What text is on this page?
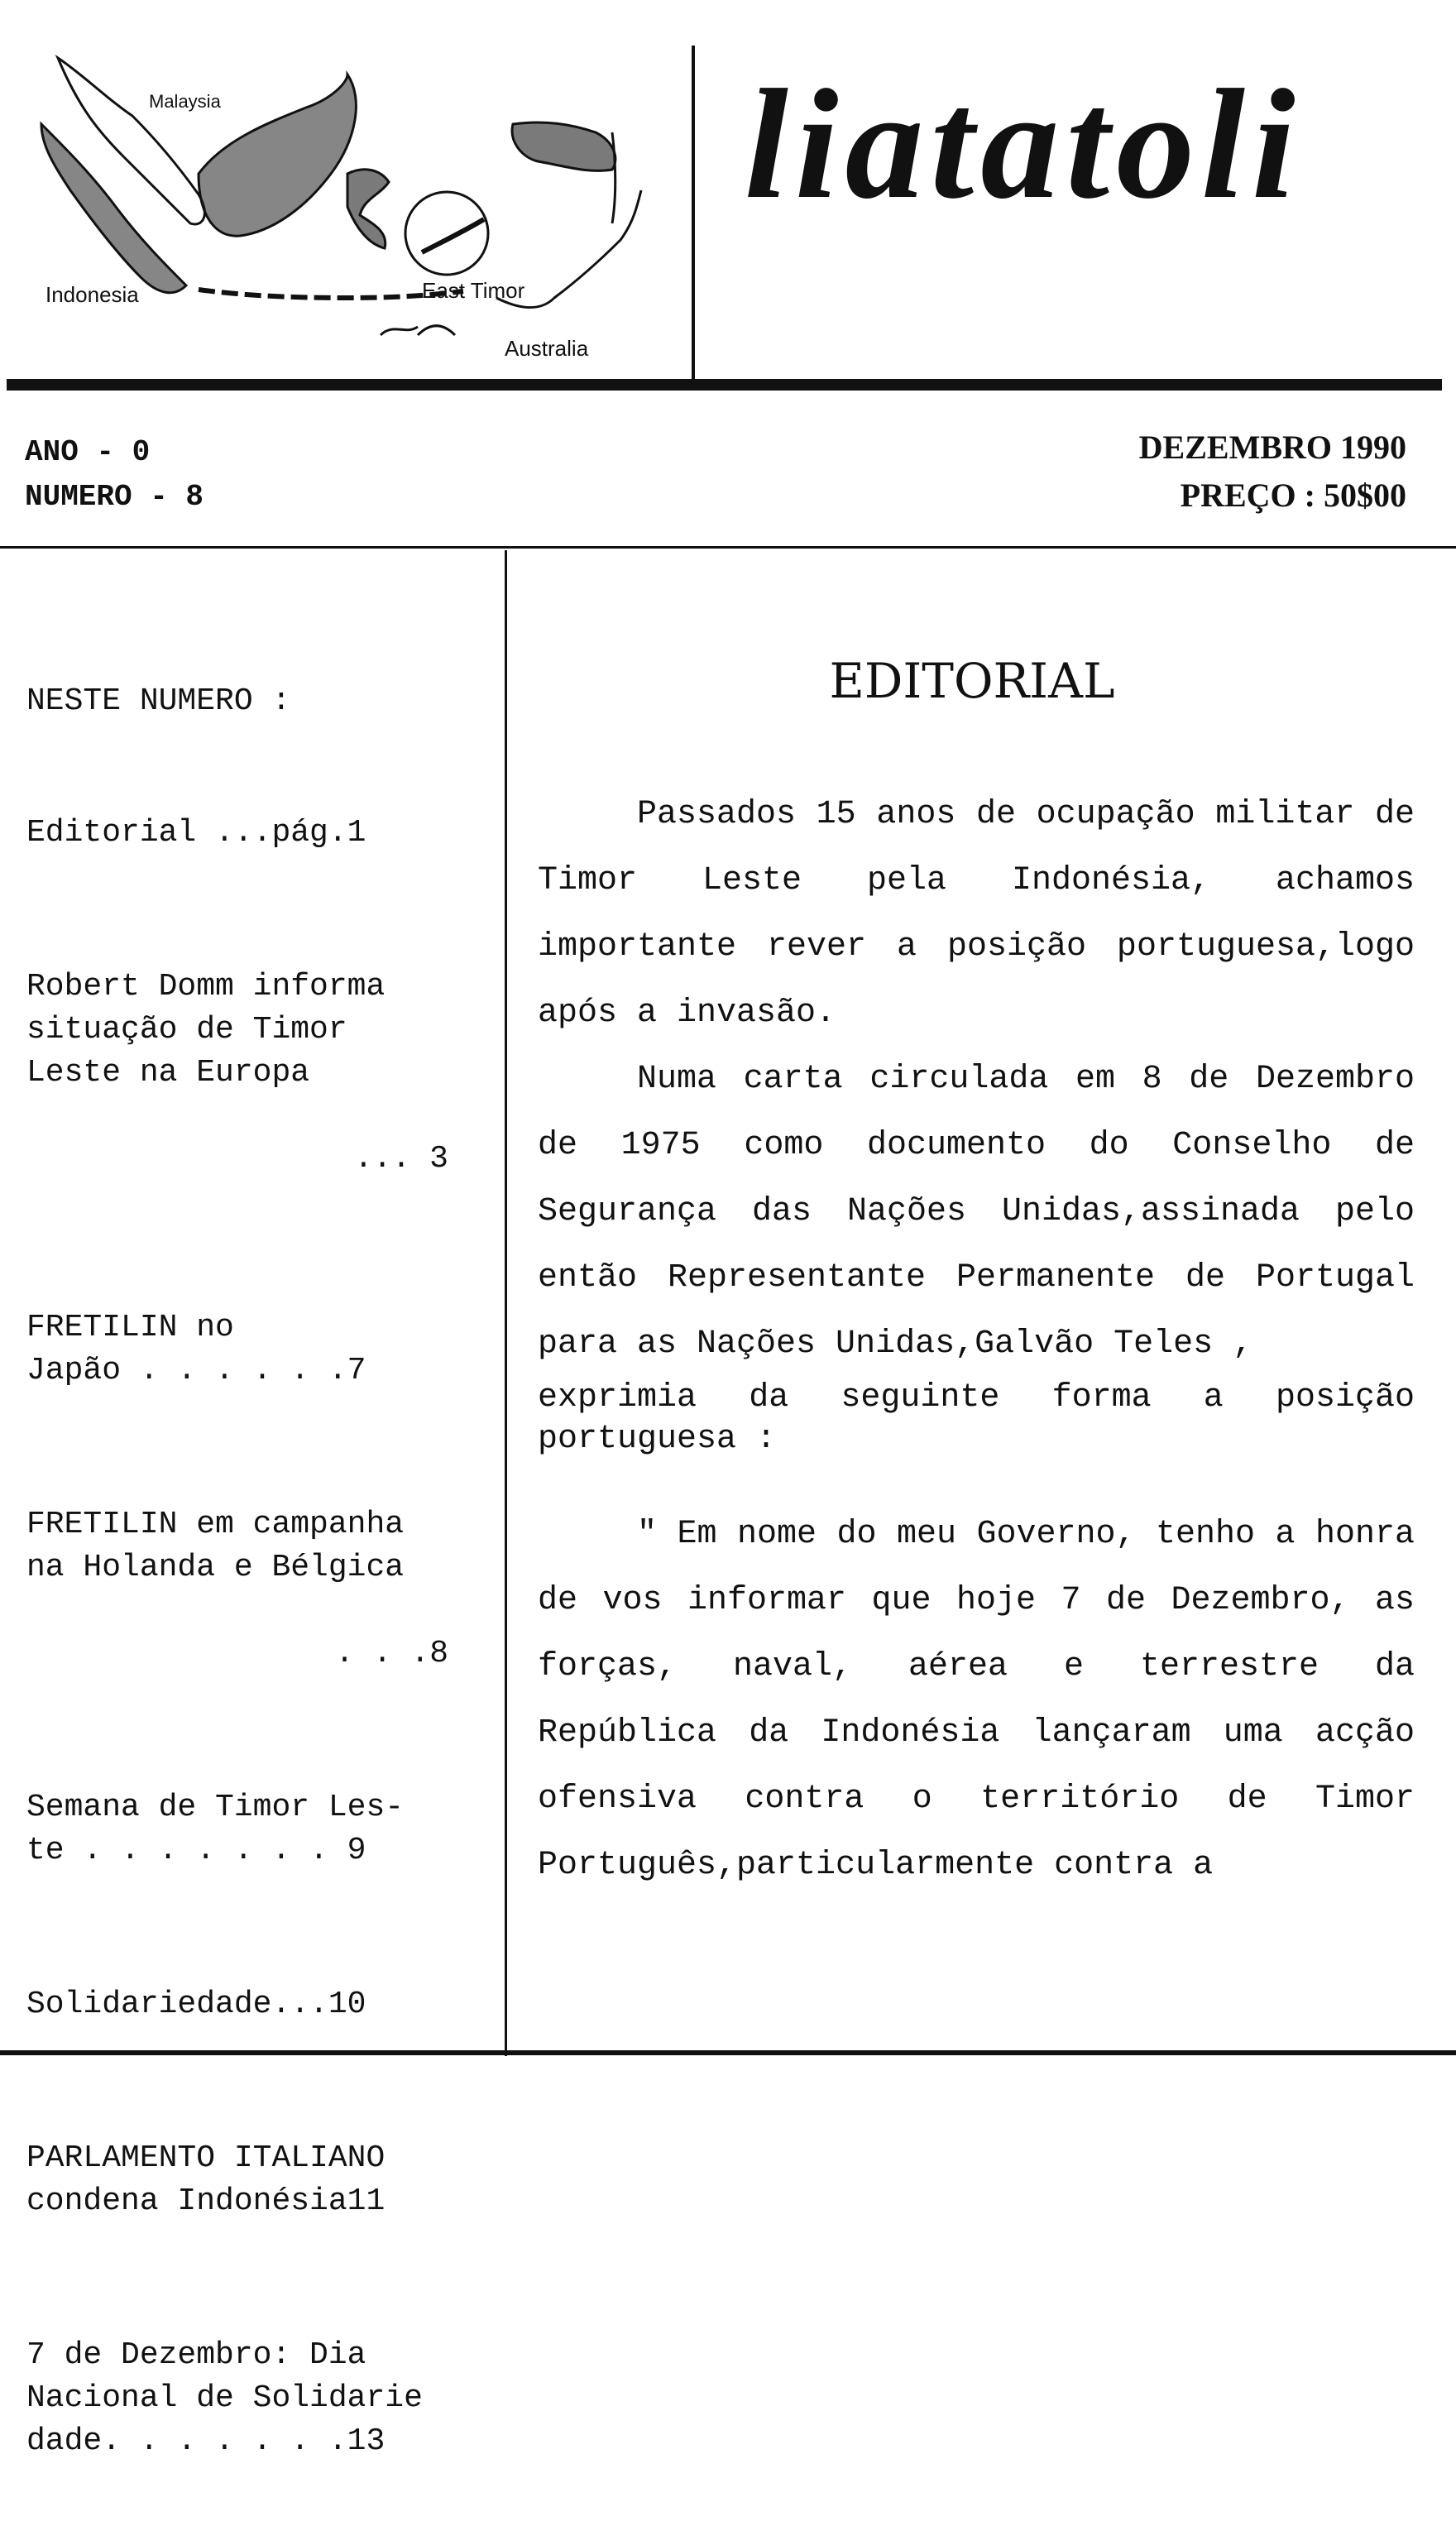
Malaysia
Indonesia	East Timor
Australia
liatatoli
ANO - 0
NUMERO - 8
DEZEMBRO 1990
PREÇO : 50$00
NESTE NUMERO :

Editorial ...pág.1

Robert Domm informa
situação de Timor
Leste na Europa

... 3

FRETILIN no
Japão . . . . . .7

FRETILIN em campanha
na Holanda e Bélgica

. . .8

Semana de Timor Les-
te . . . . . . . 9

Solidariedade...10

PARLAMENTO ITALIANO
condena Indonésia11

7 de Dezembro: Dia
Nacional de Solidarie
dade. . . . . . .13

EDITORIAL

Passados 15 anos de ocupação militar de Timor Leste pela Indonésia, achamos importante rever a posição portuguesa,logo após a invasão.

Numa carta circulada em 8 de Dezembro de 1975 como documento do Conselho de Segurança das Nações Unidas,assinada pelo então Representante Permanente de Portugal para as Nações Unidas,Galvão Teles ,

exprimia da seguinte forma a posição portuguesa :

" Em nome do meu Governo, tenho a honra de vos informar que hoje 7 de Dezembro, as forças, naval, aérea e terrestre da República da Indonésia lançaram uma acção ofensiva contra o território de Timor Português,particularmente contra a
